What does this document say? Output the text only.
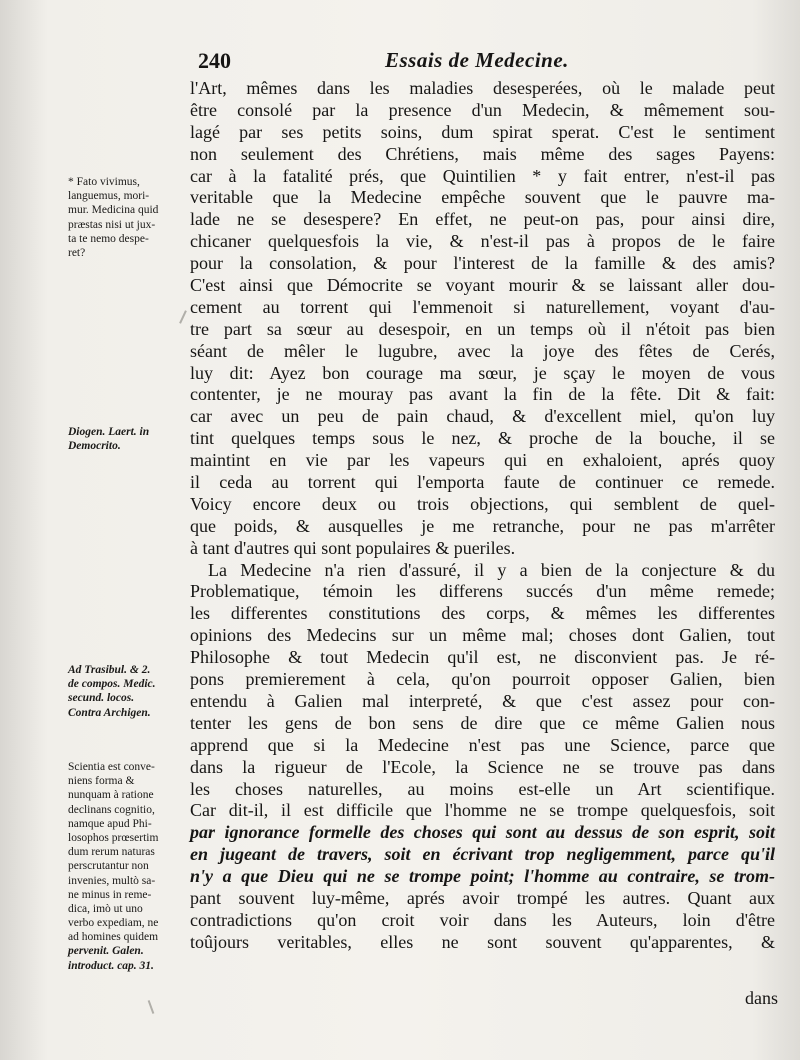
240	Essais de Medecine.
l'Art, mêmes dans les maladies desesperées, où le malade peut
être consolé par la presence d'un Medecin, & mêmement sou-
lagé par ses petits soins, dum spirat sperat. C'est le sentiment
non seulement des Chrétiens, mais même des sages Payens:
car à la fatalité prés, que Quintilien * y fait entrer, n'est-il pas
veritable que la Medecine empêche souvent que le pauvre ma-
lade ne se desespere? En effet, ne peut-on pas, pour ainsi dire,
chicaner quelquesfois la vie, & n'est-il pas à propos de le faire
pour la consolation, & pour l'interest de la famille & des amis?
C'est ainsi que Démocrite se voyant mourir & se laissant aller dou-
cement au torrent qui l'emmenoit si naturellement, voyant d'au-
tre part sa sœur au desespoir, en un temps où il n'étoit pas bien
séant de mêler le lugubre, avec la joye des fêtes de Cerés,
luy dit: Ayez bon courage ma sœur, je sçay le moyen de vous
contenter, je ne mouray pas avant la fin de la fête. Dit & fait:
car avec un peu de pain chaud, & d'excellent miel, qu'on luy
tint quelques temps sous le nez, & proche de la bouche, il se
maintint en vie par les vapeurs qui en exhaloient, aprés quoy
il ceda au torrent qui l'emporta faute de continuer ce remede.
Voicy encore deux ou trois objections, qui semblent de quel-
que poids, & ausquelles je me retranche, pour ne pas m'arrêter
à tant d'autres qui sont populaires & pueriles.
La Medecine n'a rien d'assuré, il y a bien de la conjecture & du
Problematique, témoin les differens succés d'un même remede;
les differentes constitutions des corps, & mêmes les differentes
opinions des Medecins sur un même mal; choses dont Galien, tout
Philosophe & tout Medecin qu'il est, ne disconvient pas. Je ré-
pons premierement à cela, qu'on pourroit opposer Galien, bien
entendu à Galien mal interpreté, & que c'est assez pour con-
tenter les gens de bon sens de dire que ce même Galien nous
apprend que si la Medecine n'est pas une Science, parce que
dans la rigueur de l'Ecole, la Science ne se trouve pas dans
les choses naturelles, au moins est-elle un Art scientifique.
Car dit-il, il est difficile que l'homme ne se trompe quelquesfois, soit
par ignorance formelle des choses qui sont au dessus de son esprit, soit
en jugeant de travers, soit en écrivant trop negligemment, parce qu'il
n'y a que Dieu qui ne se trompe point; l'homme au contraire, se trom-
pant souvent luy-même, aprés avoir trompé les autres. Quant aux
contradictions qu'on croit voir dans les Auteurs, loin d'être
toûjours veritables, elles ne sont souvent qu'apparentes, &
dans
* Fato vivimus,
languemus, mori-
mur. Medicina quid
præstas nisi ut jux-
ta te nemo despe-
ret?
Diogen. Laert. in
Democrito.
Ad Trasibul. & 2.
de compos. Medic.
secund. locos.
Contra Archigen.
Scientia est conve-
niens forma &
nunquam à ratione
declinans cognitio,
namque apud Phi-
losophos prœsertim
dum rerum naturas
perscrutantur non
invenies, multò sa-
ne minus in reme-
dica, imò ut uno
verbo expediam, ne
ad homines quidem
pervenit. Galen.
introduct. cap. 31.
